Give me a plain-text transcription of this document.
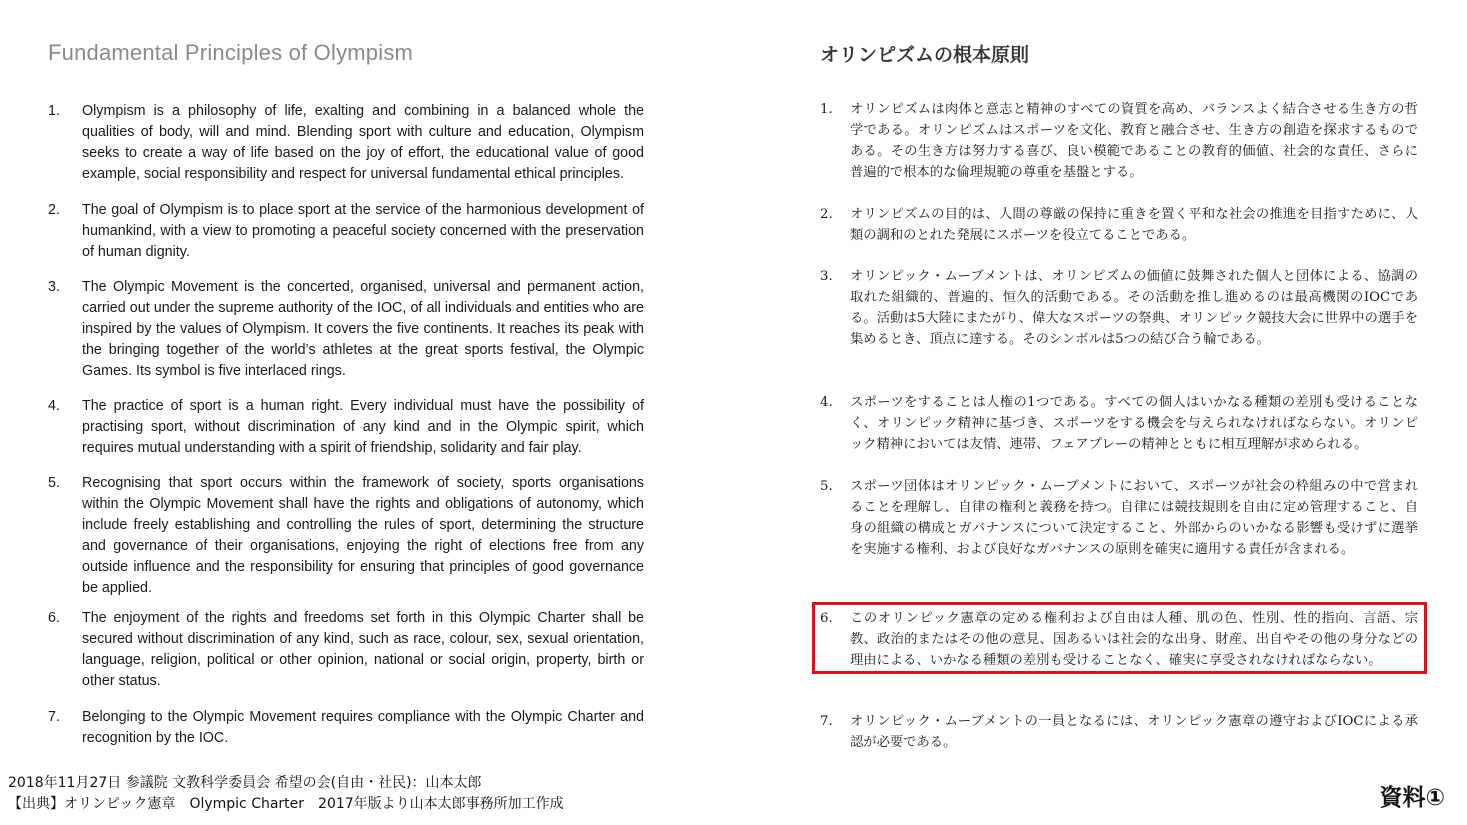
Fundamental Principles of Olympism
1. Olympism is a philosophy of life, exalting and combining in a balanced whole the qualities of body, will and mind. Blending sport with culture and education, Olympism seeks to create a way of life based on the joy of effort, the educational value of good example, social responsibility and respect for universal fundamental ethical principles.
2. The goal of Olympism is to place sport at the service of the harmonious development of humankind, with a view to promoting a peaceful society concerned with the preservation of human dignity.
3. The Olympic Movement is the concerted, organised, universal and permanent action, carried out under the supreme authority of the IOC, of all individuals and entities who are inspired by the values of Olympism. It covers the five continents. It reaches its peak with the bringing together of the world’s athletes at the great sports festival, the Olympic Games. Its symbol is five interlaced rings.
4. The practice of sport is a human right. Every individual must have the possibility of practising sport, without discrimination of any kind and in the Olympic spirit, which requires mutual understanding with a spirit of friendship, solidarity and fair play.
5. Recognising that sport occurs within the framework of society, sports organisations within the Olympic Movement shall have the rights and obligations of autonomy, which include freely establishing and controlling the rules of sport, determining the structure and governance of their organisations, enjoying the right of elections free from any outside influence and the responsibility for ensuring that principles of good governance be applied.
6. The enjoyment of the rights and freedoms set forth in this Olympic Charter shall be secured without discrimination of any kind, such as race, colour, sex, sexual orientation, language, religion, political or other opinion, national or social origin, property, birth or other status.
7. Belonging to the Olympic Movement requires compliance with the Olympic Charter and recognition by the IOC.
オリンピズムの根本原則
1. オリンピズムは肉体と意志と精神のすべての資質を高め、バランスよく結合させる生き方の哲学である。オリンピズムはスポーツを文化、教育と融合させ、生き方の創造を探求するものである。その生き方は努力する喜び、良い模範であることの教育的価値、社会的な責任、さらに普遍的で根本的な倫理規範の尊重を基盤とする。
2. オリンピズムの目的は、人間の尊厳の保持に重きを置く平和な社会の推進を目指すために、人類の調和のとれた発展にスポーツを役立てることである。
3. オリンピック・ムーブメントは、オリンピズムの価値に鼓舞された個人と団体による、協調の取れた組織的、普遍的、恒久的活動である。その活動を推し進めるのは最高機関のIOCである。活動は5大陸にまたがり、偉大なスポーツの祭典、オリンピック競技大会に世界中の選手を集めるとき、頂点に達する。そのシンボルは5つの結び合う輪である。
4. スポーツをすることは人権の1つである。すべての個人はいかなる種類の差別も受けることなく、オリンピック精神に基づき、スポーツをする機会を与えられなければならない。オリンピック精神においては友情、連帯、フェアプレーの精神とともに相互理解が求められる。
5. スポーツ団体はオリンピック・ムーブメントにおいて、スポーツが社会の枠組みの中で営まれることを理解し、自律の権利と義務を持つ。自律には競技規則を自由に定め管理すること、自身の組織の構成とガバナンスについて決定すること、外部からのいかなる影響も受けずに選挙を実施する権利、および良好なガバナンスの原則を確実に適用する責任が含まれる。
6. このオリンピック憲章の定める権利および自由は人種、肌の色、性別、性的指向、言語、宗教、政治的またはその他の意見、国あるいは社会的な出身、財産、出自やその他の身分などの理由による、いかなる種類の差別も受けることなく、確実に享受されなければならない。
7. オリンピック・ムーブメントの一員となるには、オリンピック憲章の遵守およびIOCによる承認が必要である。
2018年11月27日 参議院 文教科学委員会 希望の会(自由・社民)：山本太郎
【出典】オリンピック憲章　Olympic Charter　2017年版より山本太郎事務所加工作成	資料①
